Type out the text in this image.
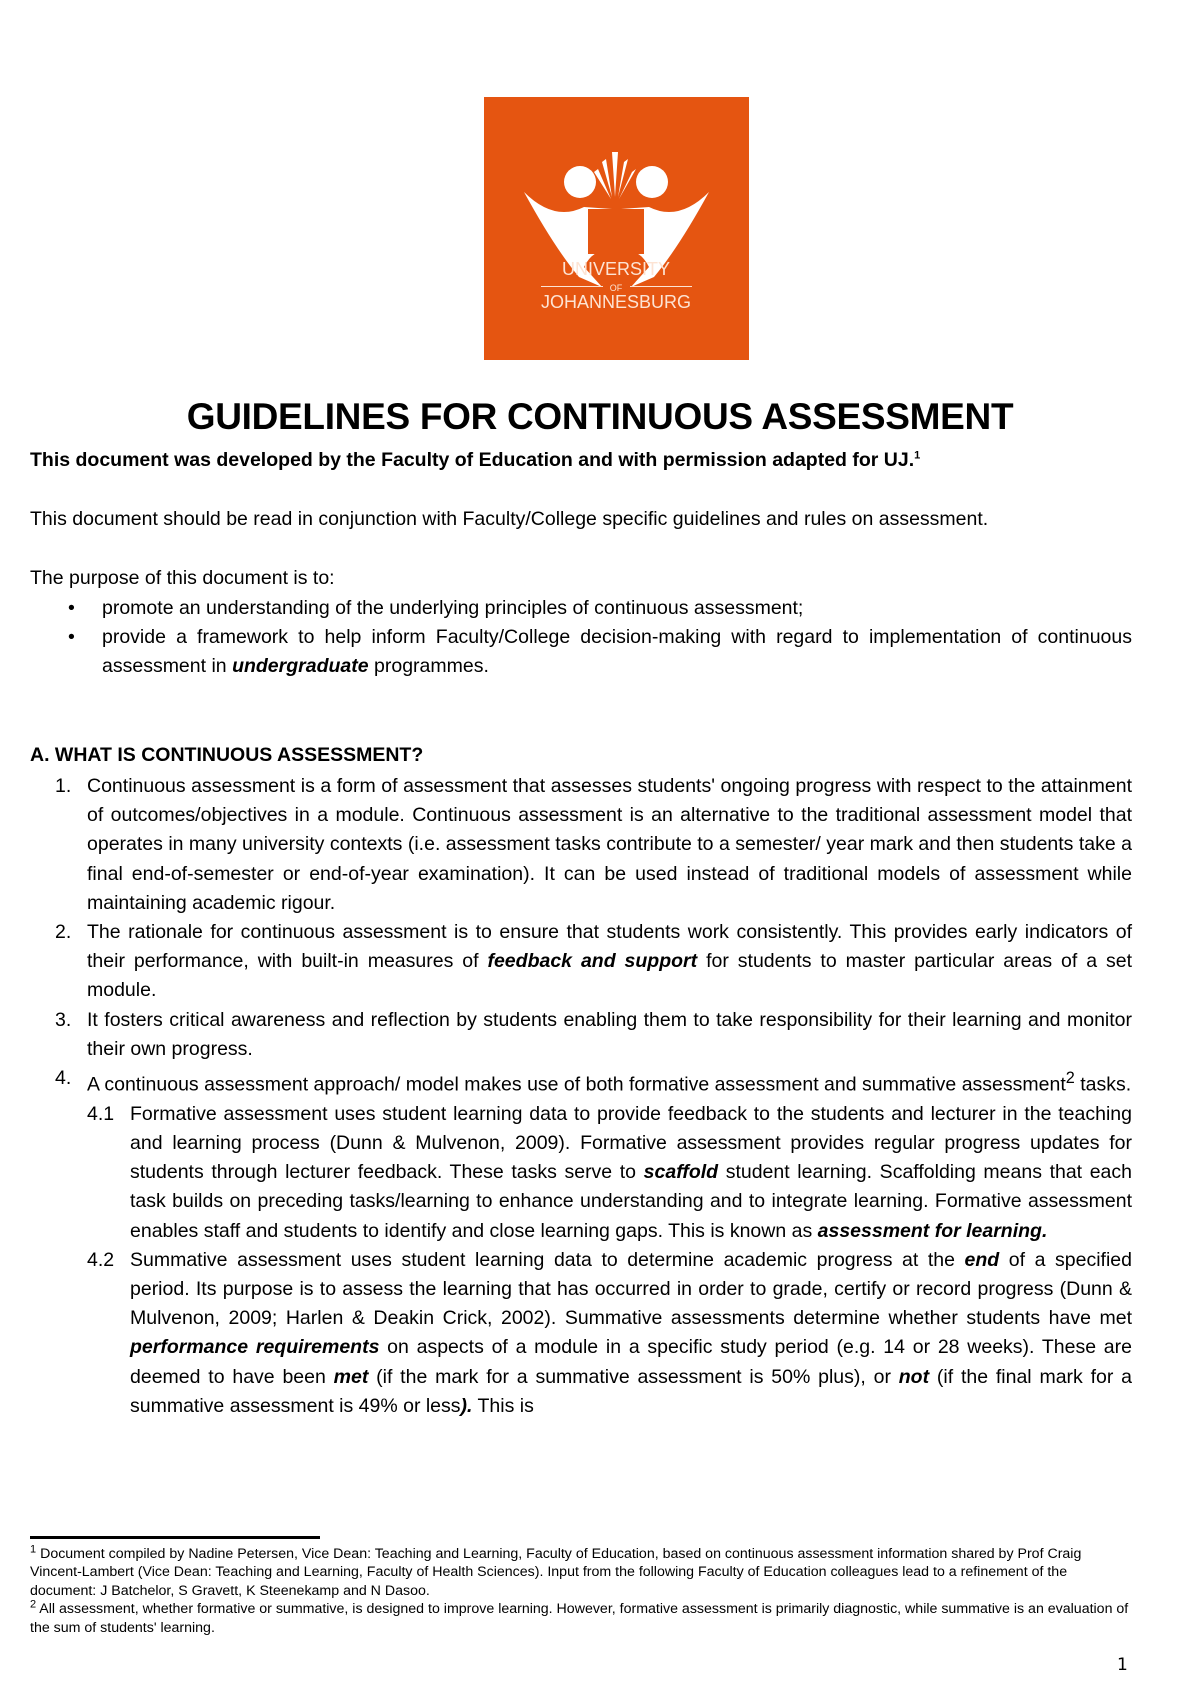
UNIVERSITY
OF
JOHANNESBURG
GUIDELINES FOR CONTINUOUS ASSESSMENT
This document was developed by the Faculty of Education and with permission adapted for UJ.$^1$
This document should be read in conjunction with Faculty/College specific guidelines and rules on assessment.
The purpose of this document is to:
• promote an understanding of the underlying principles of continuous assessment;
• provide a framework to help inform Faculty/College decision-making with regard to implementation of continuous assessment in undergraduate programmes.
A. WHAT IS CONTINUOUS ASSESSMENT?
1. Continuous assessment is a form of assessment that assesses students' ongoing progress with respect to the attainment of outcomes/objectives in a module. Continuous assessment is an alternative to the traditional assessment model that operates in many university contexts (i.e. assessment tasks contribute to a semester/ year mark and then students take a final end-of-semester or end-of-year examination). It can be used instead of traditional models of assessment while maintaining academic rigour.
2. The rationale for continuous assessment is to ensure that students work consistently. This provides early indicators of their performance, with built-in measures of feedback and support for students to master particular areas of a set module.
3. It fosters critical awareness and reflection by students enabling them to take responsibility for their learning and monitor their own progress.
4. A continuous assessment approach/ model makes use of both formative assessment and summative assessment$^2$ tasks.
4.1 Formative assessment uses student learning data to provide feedback to the students and lecturer in the teaching and learning process (Dunn & Mulvenon, 2009). Formative assessment provides regular progress updates for students through lecturer feedback. These tasks serve to scaffold student learning. Scaffolding means that each task builds on preceding tasks/learning to enhance understanding and to integrate learning. Formative assessment enables staff and students to identify and close learning gaps. This is known as assessment for learning.
4.2 Summative assessment uses student learning data to determine academic progress at the end of a specified period. Its purpose is to assess the learning that has occurred in order to grade, certify or record progress (Dunn & Mulvenon, 2009; Harlen & Deakin Crick, 2002). Summative assessments determine whether students have met performance requirements on aspects of a module in a specific study period (e.g. 14 or 28 weeks). These are deemed to have been met (if the mark for a summative assessment is 50% plus), or not (if the final mark for a summative assessment is 49% or less). This is
$^1$ Document compiled by Nadine Petersen, Vice Dean: Teaching and Learning, Faculty of Education, based on continuous assessment information shared by Prof Craig Vincent-Lambert (Vice Dean: Teaching and Learning, Faculty of Health Sciences). Input from the following Faculty of Education colleagues lead to a refinement of the document: J Batchelor, S Gravett, K Steenekamp and N Dasoo.
$^2$ All assessment, whether formative or summative, is designed to improve learning. However, formative assessment is primarily diagnostic, while summative is an evaluation of the sum of students' learning.
1
